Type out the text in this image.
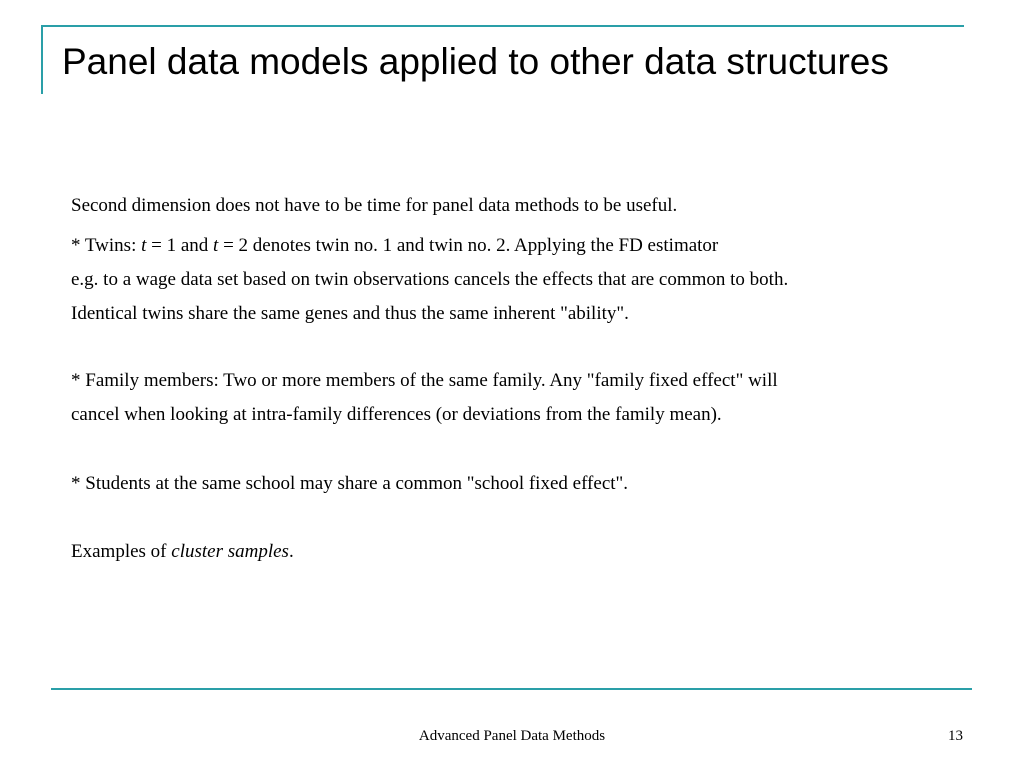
Panel data models applied to other data structures
Second dimension does not have to be time for panel data methods to be useful.
* Twins: t = 1 and t = 2 denotes twin no. 1 and twin no. 2. Applying the FD estimator
e.g. to a wage data set based on twin observations cancels the effects that are common to both.
Identical twins share the same genes and thus the same inherent "ability".
* Family members: Two or more members of the same family. Any "family fixed effect" will
cancel when looking at intra-family differences (or deviations from the family mean).
* Students at the same school may share a common "school fixed effect".
Examples of cluster samples.
Advanced Panel Data Methods	13
